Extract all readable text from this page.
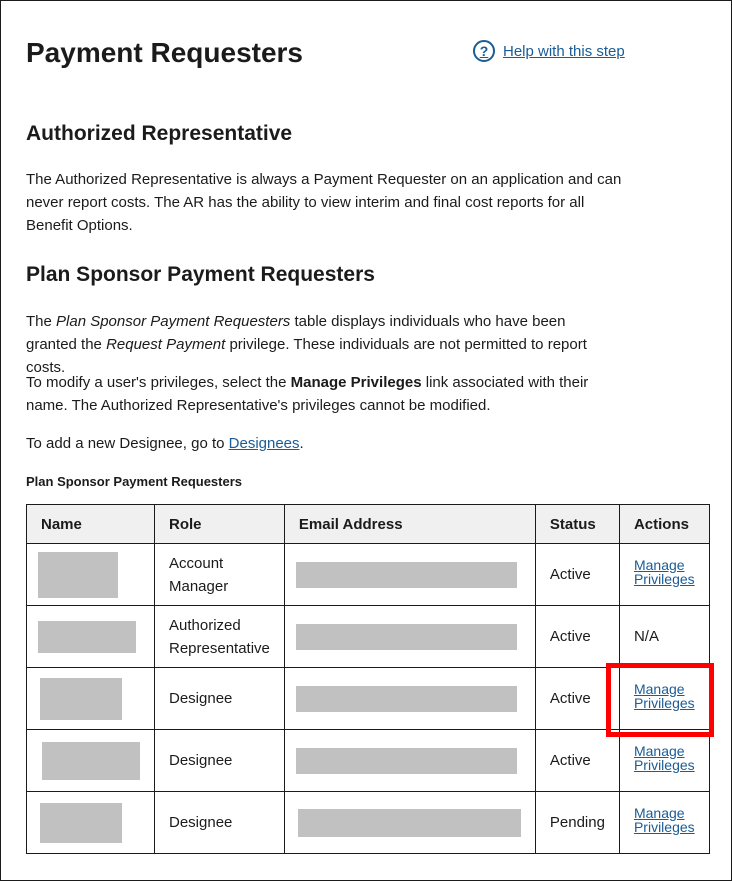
Payment Requesters	? Help with this step
Authorized Representative

The Authorized Representative is always a Payment Requester on an application and can never report costs. The AR has the ability to view interim and final cost reports for all Benefit Options.

Plan Sponsor Payment Requesters

The Plan Sponsor Payment Requesters table displays individuals who have been granted the Request Payment privilege. These individuals are not permitted to report costs.

To modify a user's privileges, select the Manage Privileges link associated with their name. The Authorized Representative's privileges cannot be modified.

To add a new Designee, go to Designees.

Plan Sponsor Payment Requesters

Name	Role	Email Address	Status	Actions

	Account Manager		Active	Manage Privileges

	Authorized Representative		Active	N/A

	Designee		Active	Manage Privileges

	Designee		Active	Manage Privileges

	Designee		Pending	Manage Privileges
